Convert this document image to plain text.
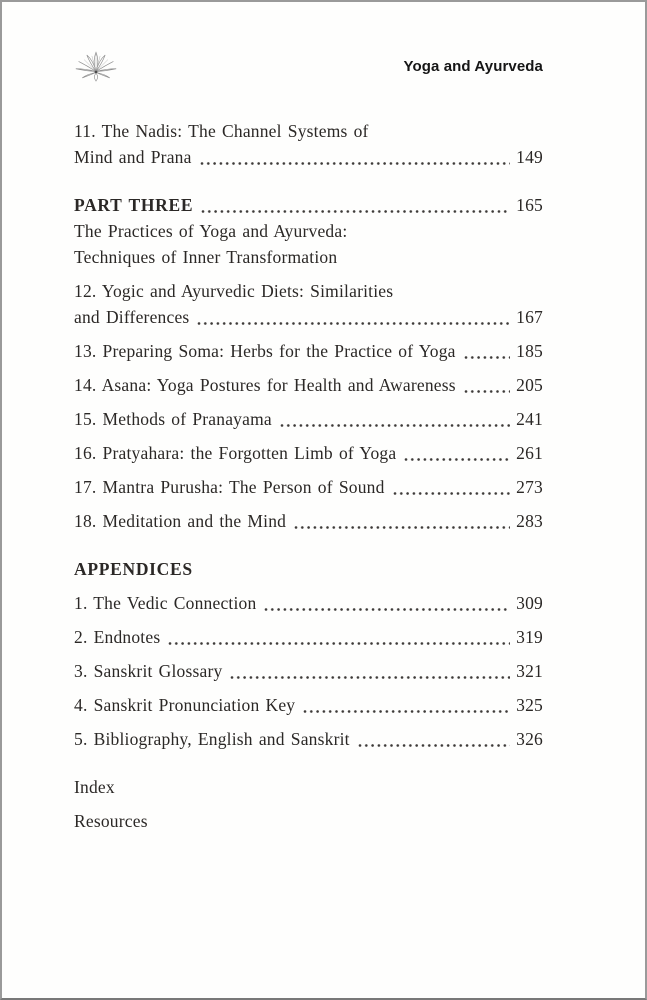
Yoga and Ayurveda
11. The Nadis: The Channel Systems of
Mind and Prana	149
PART THREE	165
The Practices of Yoga and Ayurveda:
Techniques of Inner Transformation
12. Yogic and Ayurvedic Diets: Similarities
and Differences	167
13. Preparing Soma: Herbs for the Practice of Yoga	185
14. Asana: Yoga Postures for Health and Awareness	205
15. Methods of Pranayama	241
16. Pratyahara: the Forgotten Limb of Yoga	261
17. Mantra Purusha: The Person of Sound	273
18. Meditation and the Mind	283
APPENDICES
1. The Vedic Connection	309
2. Endnotes	319
3. Sanskrit Glossary	321
4. Sanskrit Pronunciation Key	325
5. Bibliography, English and Sanskrit	326
Index
Resources
